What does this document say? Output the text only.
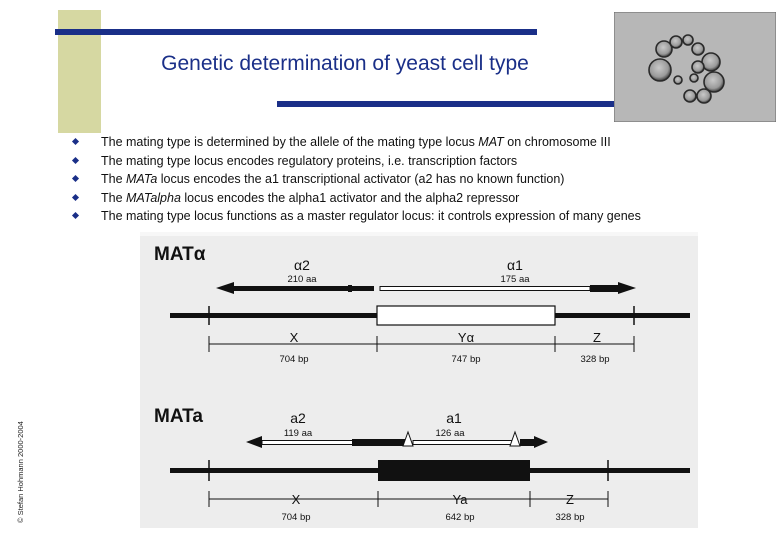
Genetic determination of yeast cell type
The mating type is determined by the allele of the mating type locus MAT on chromosome III
The mating type locus encodes regulatory proteins, i.e. transcription factors
The MATa locus encodes the a1 transcriptional activator (a2 has no known function)
The MATalpha locus encodes the alpha1 activator and the alpha2 repressor
The mating type locus functions as a master regulator locus: it controls expression of many genes
© Stefan Hohmann 2000-2004
MATα	α2
210 aa
α1
175 aa
X	Yα	Z
704 bp	747 bp	328 bp
MATa	a2
119 aa
a1
126 aa
X	Ya	Z
704 bp	642 bp	328 bp
